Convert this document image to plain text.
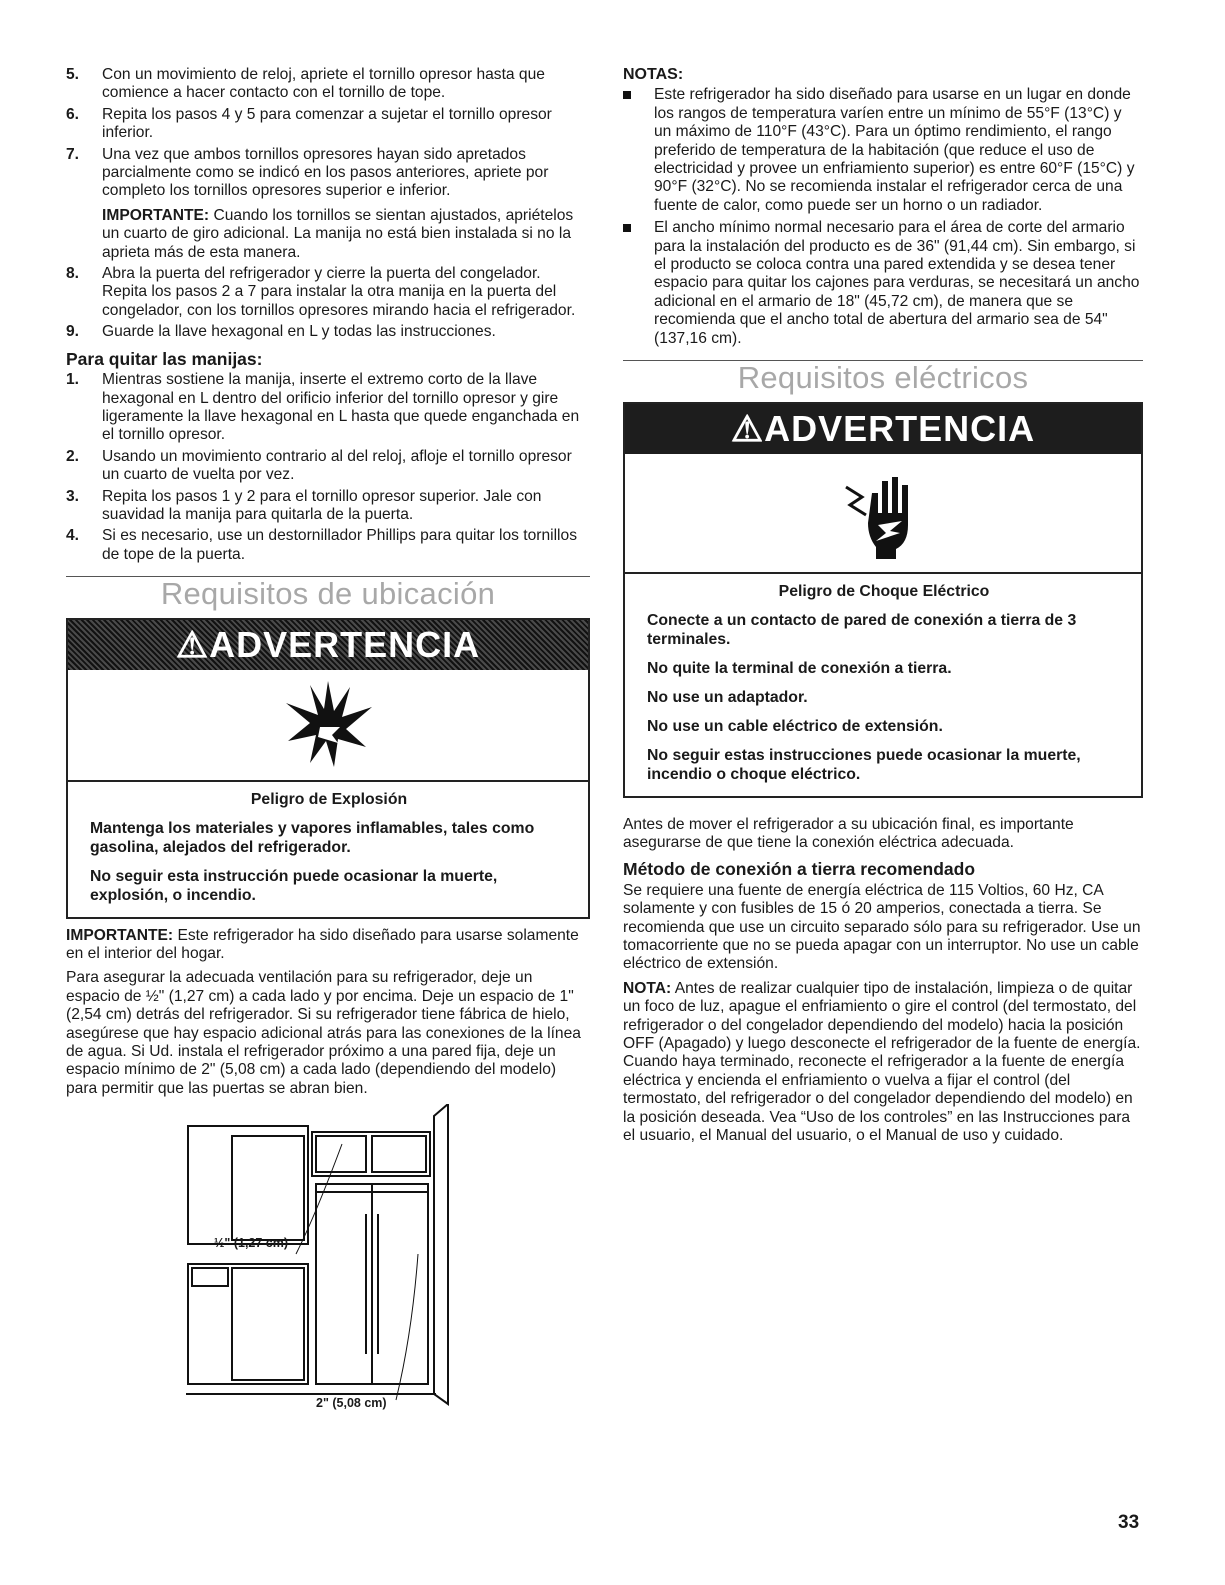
5. Con un movimiento de reloj, apriete el tornillo opresor hasta que comience a hacer contacto con el tornillo de tope.
6. Repita los pasos 4 y 5 para comenzar a sujetar el tornillo opresor inferior.
7. Una vez que ambos tornillos opresores hayan sido apretados parcialmente como se indicó en los pasos anteriores, apriete por completo los tornillos opresores superior e inferior.

IMPORTANTE: Cuando los tornillos se sientan ajustados, apriételos un cuarto de giro adicional. La manija no está bien instalada si no la aprieta más de esta manera.

8. Abra la puerta del refrigerador y cierre la puerta del congelador. Repita los pasos 2 a 7 para instalar la otra manija en la puerta del congelador, con los tornillos opresores mirando hacia el refrigerador.
9. Guarde la llave hexagonal en L y todas las instrucciones.
Para quitar las manijas:
1. Mientras sostiene la manija, inserte el extremo corto de la llave hexagonal en L dentro del orificio inferior del tornillo opresor y gire ligeramente la llave hexagonal en L hasta que quede enganchada en el tornillo opresor.
2. Usando un movimiento contrario al del reloj, afloje el tornillo opresor un cuarto de vuelta por vez.
3. Repita los pasos 1 y 2 para el tornillo opresor superior. Jale con suavidad la manija para quitarla de la puerta.
4. Si es necesario, use un destornillador Phillips para quitar los tornillos de tope de la puerta.
Requisitos de ubicación
⚠ADVERTENCIA
Peligro de Explosión

Mantenga los materiales y vapores inflamables, tales como gasolina, alejados del refrigerador.

No seguir esta instrucción puede ocasionar la muerte, explosión, o incendio.

IMPORTANTE: Este refrigerador ha sido diseñado para usarse solamente en el interior del hogar.

Para asegurar la adecuada ventilación para su refrigerador, deje un espacio de ½" (1,27 cm) a cada lado y por encima. Deje un espacio de 1" (2,54 cm) detrás del refrigerador. Si su refrigerador tiene fábrica de hielo, asegúrese que hay espacio adicional atrás para las conexiones de la línea de agua. Si Ud. instala el refrigerador próximo a una pared fija, deje un espacio mínimo de 2" (5,08 cm) a cada lado (dependiendo del modelo) para permitir que las puertas se abran bien.

½" (1,27 cm)
2" (5,08 cm)
NOTAS:
Este refrigerador ha sido diseñado para usarse en un lugar en donde los rangos de temperatura varíen entre un mínimo de 55°F (13°C) y un máximo de 110°F (43°C). Para un óptimo rendimiento, el rango preferido de temperatura de la habitación (que reduce el uso de electricidad y provee un enfriamiento superior) es entre 60°F (15°C) y 90°F (32°C). No se recomienda instalar el refrigerador cerca de una fuente de calor, como puede ser un horno o un radiador.
El ancho mínimo normal necesario para el área de corte del armario para la instalación del producto es de 36" (91,44 cm). Sin embargo, si el producto se coloca contra una pared extendida y se desea tener espacio para quitar los cajones para verduras, se necesitará un ancho adicional en el armario de 18" (45,72 cm), de manera que se recomienda que el ancho total de abertura del armario sea de 54" (137,16 cm).
Requisitos eléctricos
⚠ADVERTENCIA
Peligro de Choque Eléctrico

Conecte a un contacto de pared de conexión a tierra de 3 terminales.

No quite la terminal de conexión a tierra.

No use un adaptador.

No use un cable eléctrico de extensión.

No seguir estas instrucciones puede ocasionar la muerte, incendio o choque eléctrico.

Antes de mover el refrigerador a su ubicación final, es importante asegurarse de que tiene la conexión eléctrica adecuada.

Método de conexión a tierra recomendado

Se requiere una fuente de energía eléctrica de 115 Voltios, 60 Hz, CA solamente y con fusibles de 15 ó 20 amperios, conectada a tierra. Se recomienda que use un circuito separado sólo para su refrigerador. Use un tomacorriente que no se pueda apagar con un interruptor. No use un cable eléctrico de extensión.

NOTA: Antes de realizar cualquier tipo de instalación, limpieza o de quitar un foco de luz, apague el enfriamiento o gire el control (del termostato, del refrigerador o del congelador dependiendo del modelo) hacia la posición OFF (Apagado) y luego desconecte el refrigerador de la fuente de energía. Cuando haya terminado, reconecte el refrigerador a la fuente de energía eléctrica y encienda el enfriamiento o vuelva a fijar el control (del termostato, del refrigerador o del congelador dependiendo del modelo) en la posición deseada. Vea “Uso de los controles” en las Instrucciones para el usuario, el Manual del usuario, o el Manual de uso y cuidado.

33
